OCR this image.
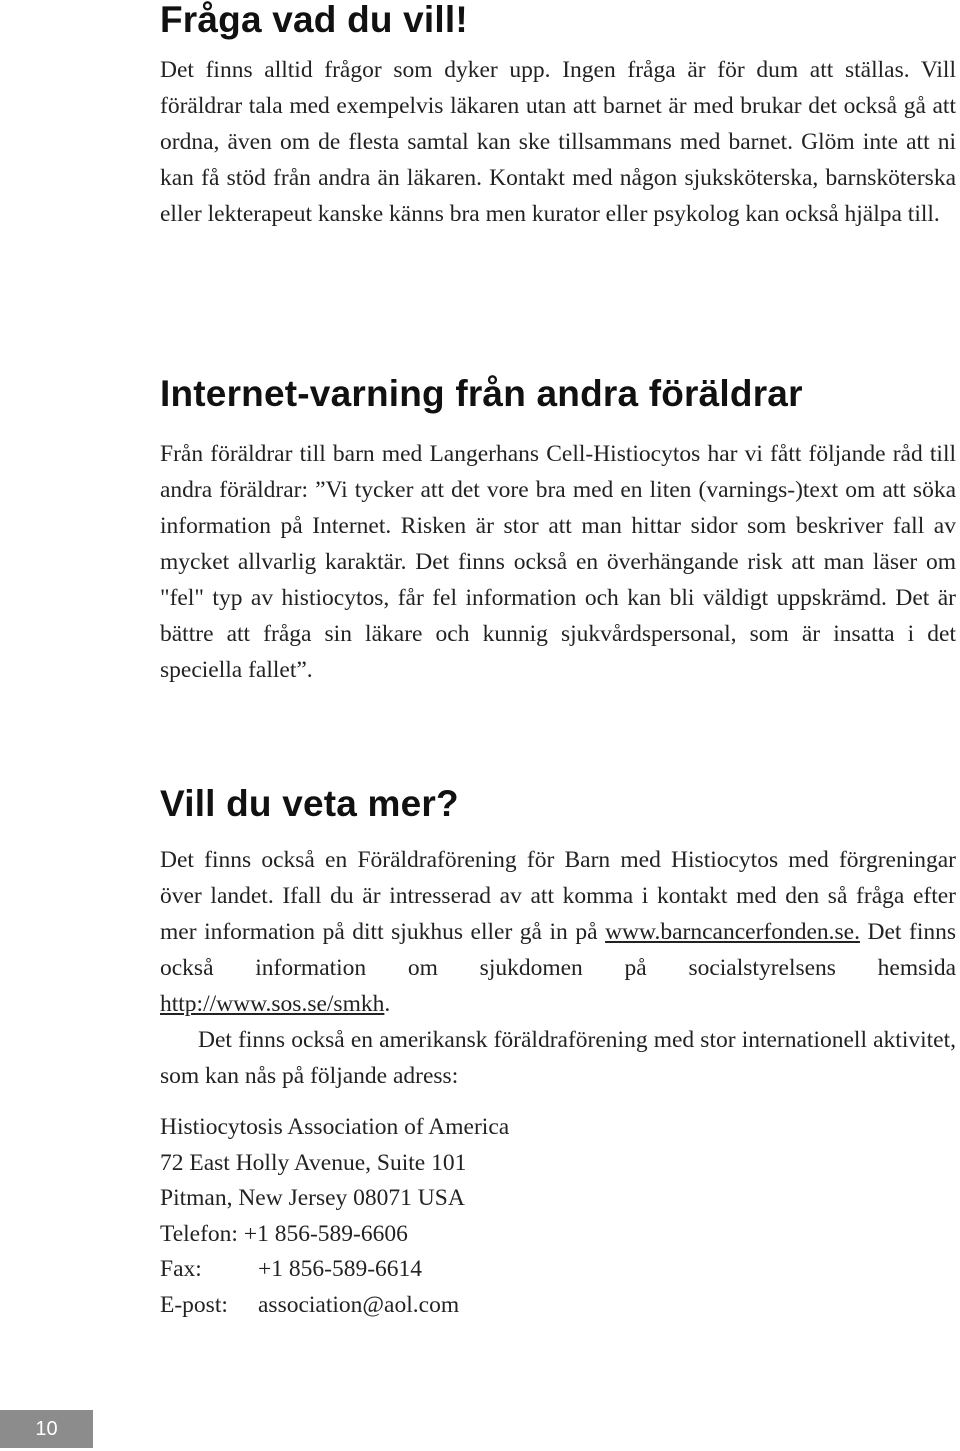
Fråga vad du vill!

Det finns alltid frågor som dyker upp. Ingen fråga är för dum att ställas. Vill föräldrar tala med exempelvis läkaren utan att barnet är med brukar det också gå att ordna, även om de flesta samtal kan ske tillsammans med barnet. Glöm inte att ni kan få stöd från andra än läkaren. Kontakt med någon sjuksköterska, barnsköterska eller lekterapeut kanske känns bra men kurator eller psykolog kan också hjälpa till.

Internet-varning från andra föräldrar

Från föräldrar till barn med Langerhans Cell-Histiocytos har vi fått följande råd till andra föräldrar: ”Vi tycker att det vore bra med en liten (varnings-)text om att söka information på Internet. Risken är stor att man hittar sidor som beskriver fall av mycket allvarlig karaktär. Det finns också en överhängande risk att man läser om "fel" typ av histiocytos, får fel information och kan bli väldigt uppskrämd. Det är bättre att fråga sin läkare och kunnig sjukvårdspersonal, som är insatta i det speciella fallet”.

Vill du veta mer?

Det finns också en Föräldraförening för Barn med Histiocytos med förgreningar över landet. Ifall du är intresserad av att komma i kontakt med den så fråga efter mer information på ditt sjukhus eller gå in på www.barncancerfonden.se. Det finns också information om sjukdomen på socialstyrelsens hemsida http://www.sos.se/smkh.

Det finns också en amerikansk föräldraförening med stor internationell aktivitet, som kan nås på följande adress:

Histiocytosis Association of America
72 East Holly Avenue, Suite 101
Pitman, New Jersey 08071 USA
Telefon: +1 856-589-6606
Fax: +1 856-589-6614
E-post: association@aol.com
10
